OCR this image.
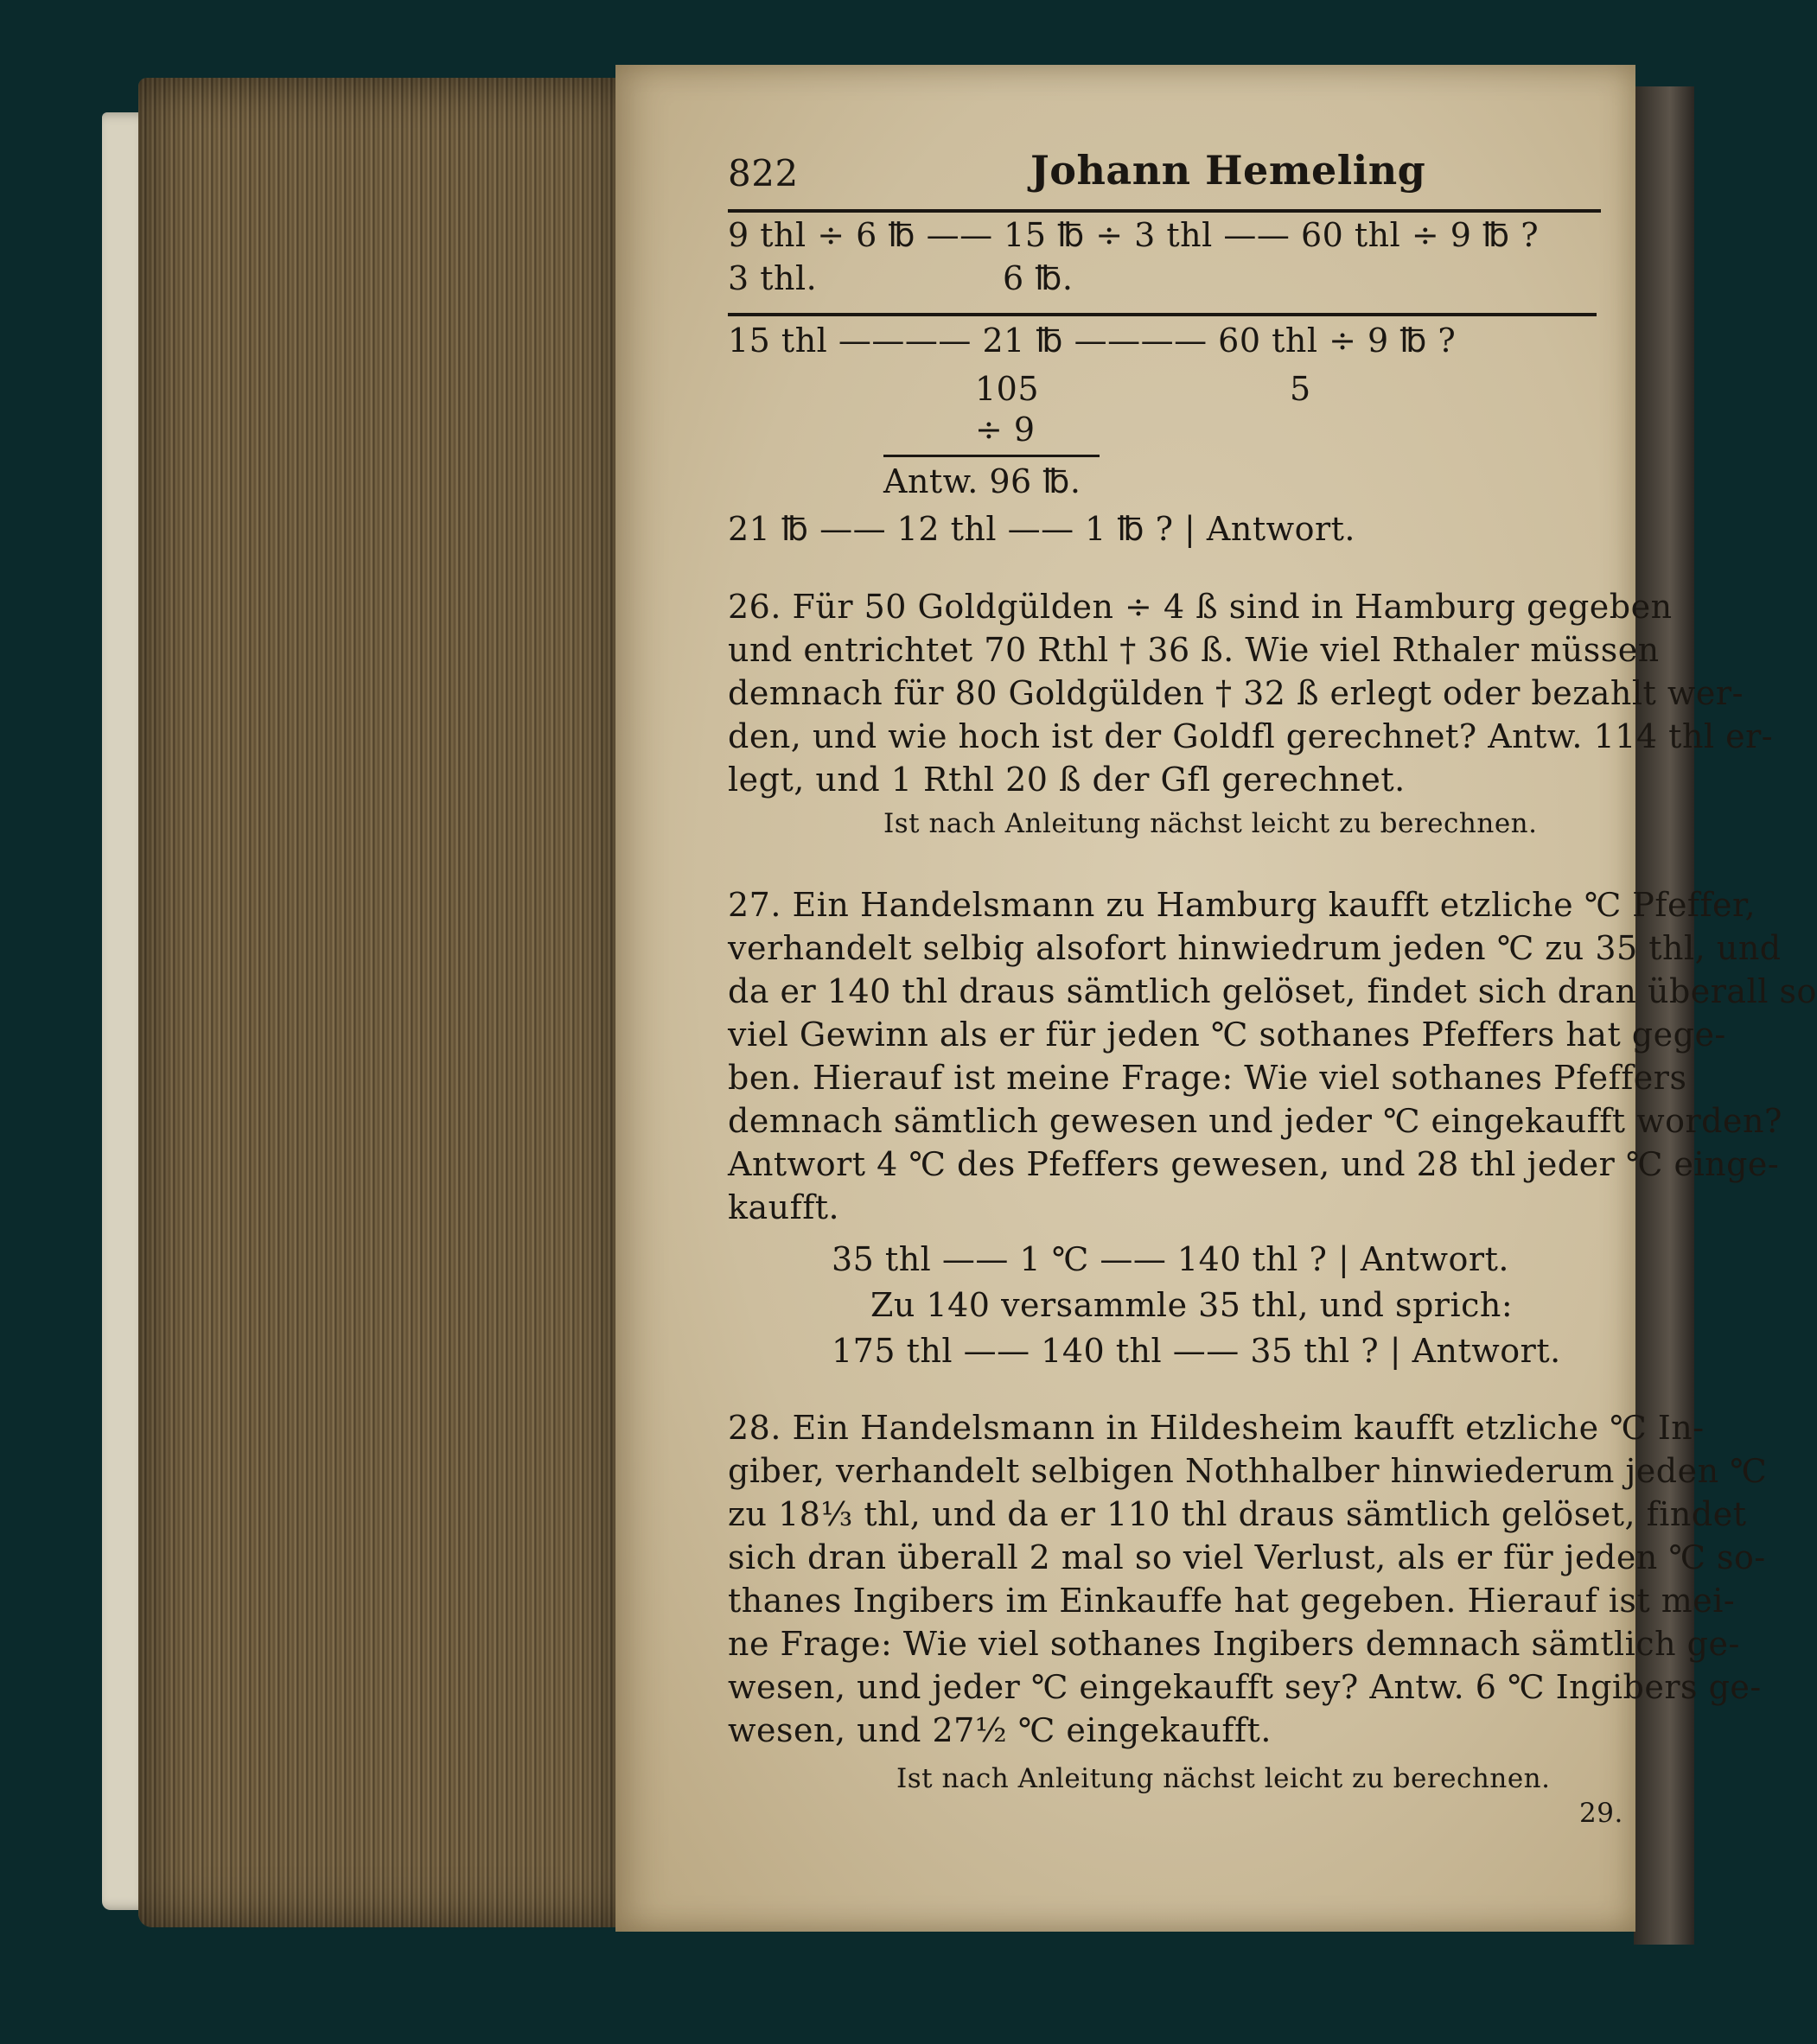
822	Johann Hemeling
9 thl ÷ 6 ℔ —— 15 ℔ ÷ 3 thl —— 60 thl ÷ 9 ℔ ?
3 thl.	6 ℔.
15 thl ———— 21 ℔ ———— 60 thl ÷ 9 ℔ ?
105	5
÷ 9
Antw. 96 ℔.
21 ℔ —— 12 thl —— 1 ℔ ? | Antwort.
26. Für 50 Goldgülden ÷ 4 ß sind in Hamburg gegeben
und entrichtet 70 Rthl † 36 ß. Wie viel Rthaler müssen
demnach für 80 Goldgülden † 32 ß erlegt oder bezahlt wer-
den, und wie hoch ist der Goldfl gerechnet? Antw. 114 thl er-
legt, und 1 Rthl 20 ß der Gfl gerechnet.
Ist nach Anleitung nächst leicht zu berechnen.
27. Ein Handelsmann zu Hamburg kaufft etzliche ℃ Pfeffer,
verhandelt selbig alsofort hinwiedrum jeden ℃ zu 35 thl, und
da er 140 thl draus sämtlich gelöset, findet sich dran überall so
viel Gewinn als er für jeden ℃ sothanes Pfeffers hat gege-
ben. Hierauf ist meine Frage: Wie viel sothanes Pfeffers
demnach sämtlich gewesen und jeder ℃ eingekaufft worden?
Antwort 4 ℃ des Pfeffers gewesen, und 28 thl jeder ℃ einge-
kaufft.
35 thl —— 1 ℃ —— 140 thl ? | Antwort.
Zu 140 versammle 35 thl, und sprich:
175 thl —— 140 thl —— 35 thl ? | Antwort.
28. Ein Handelsmann in Hildesheim kaufft etzliche ℃ In-
giber, verhandelt selbigen Nothhalber hinwiederum jeden ℃
zu 18⅓ thl, und da er 110 thl draus sämtlich gelöset, findet
sich dran überall 2 mal so viel Verlust, als er für jeden ℃ so-
thanes Ingibers im Einkauffe hat gegeben. Hierauf ist mei-
ne Frage: Wie viel sothanes Ingibers demnach sämtlich ge-
wesen, und jeder ℃ eingekaufft sey? Antw. 6 ℃ Ingibers ge-
wesen, und 27½ ℃ eingekaufft.
Ist nach Anleitung nächst leicht zu berechnen.
29.
